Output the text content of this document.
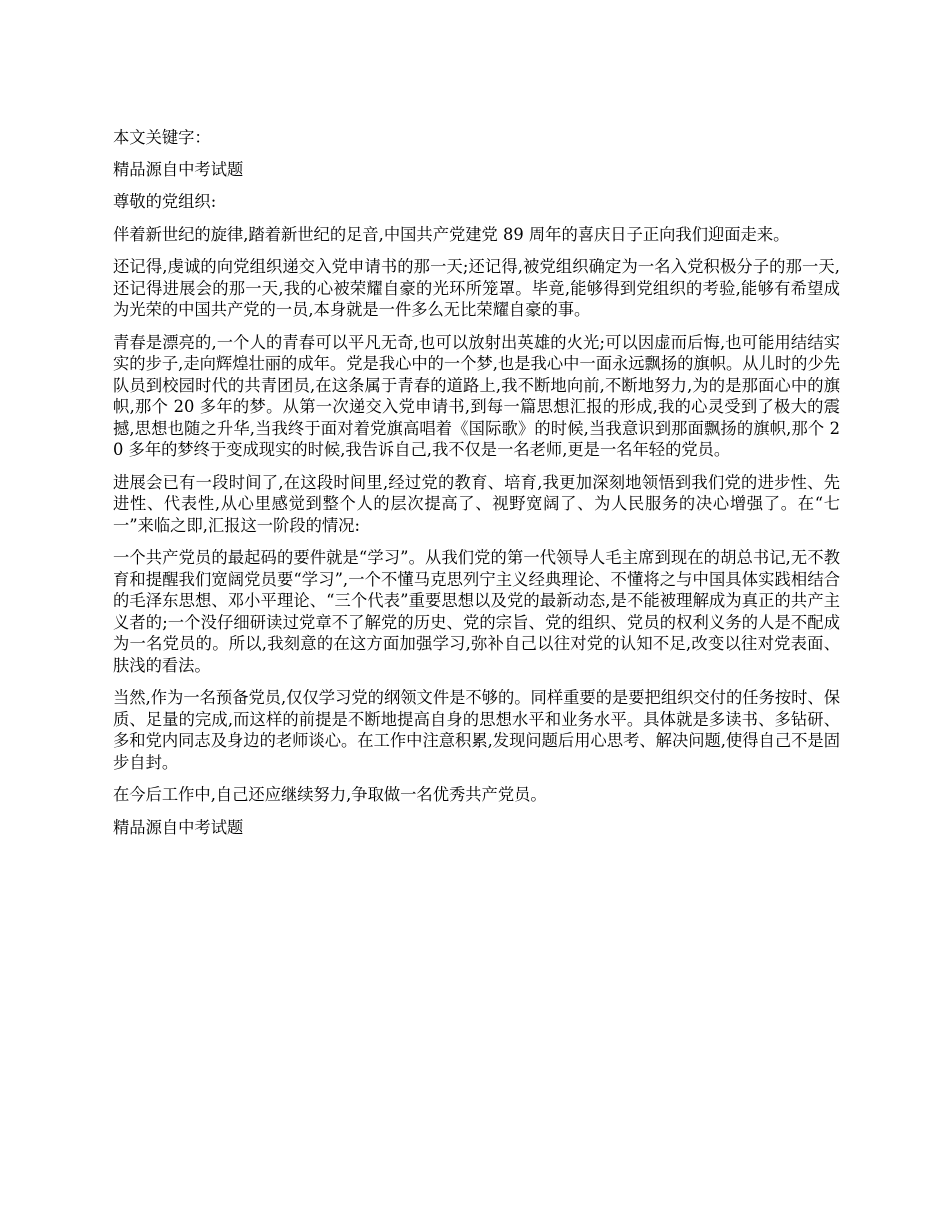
本文关键字：

精品源自中考试题

尊敬的党组织:

伴着新世纪的旋律,踏着新世纪的足音,中国共产党建党 89 周年的喜庆日子正向我们迎面走来。

还记得,虔诚的向党组织递交入党申请书的那一天;还记得,被党组织确定为一名入党积极分子的那一天,还记得进展会的那一天,我的心被荣耀自豪的光环所笼罩。毕竟,能够得到党组织的考验,能够有希望成为光荣的中国共产党的一员,本身就是一件多么无比荣耀自豪的事。

青春是漂亮的,一个人的青春可以平凡无奇,也可以放射出英雄的火光;可以因虚而后悔,也可能用结结实实的步子,走向辉煌壮丽的成年。党是我心中的一个梦,也是我心中一面永远飘扬的旗帜。从儿时的少先队员到校园时代的共青团员,在这条属于青春的道路上,我不断地向前,不断地努力,为的是那面心中的旗帜,那个 20 多年的梦。从第一次递交入党申请书,到每一篇思想汇报的形成,我的心灵受到了极大的震撼,思想也随之升华,当我终于面对着党旗高唱着《国际歌》的时候,当我意识到那面飘扬的旗帜,那个 20 多年的梦终于变成现实的时候,我告诉自己,我不仅是一名老师,更是一名年轻的党员。

进展会已有一段时间了,在这段时间里,经过党的教育、培育,我更加深刻地领悟到我们党的进步性、先进性、代表性,从心里感觉到整个人的层次提高了、视野宽阔了、为人民服务的决心增强了。在“七一”来临之即,汇报这一阶段的情况:

一个共产党员的最起码的要件就是“学习”。从我们党的第一代领导人毛主席到现在的胡总书记,无不教育和提醒我们宽阔党员要“学习”,一个不懂马克思列宁主义经典理论、不懂将之与中国具体实践相结合的毛泽东思想、邓小平理论、“三个代表”重要思想以及党的最新动态,是不能被理解成为真正的共产主义者的;一个没仔细研读过党章不了解党的历史、党的宗旨、党的组织、党员的权利义务的人是不配成为一名党员的。所以,我刻意的在这方面加强学习,弥补自己以往对党的认知不足,改变以往对党表面、肤浅的看法。

当然,作为一名预备党员,仅仅学习党的纲领文件是不够的。同样重要的是要把组织交付的任务按时、保质、足量的完成,而这样的前提是不断地提高自身的思想水平和业务水平。具体就是多读书、多钻研、多和党内同志及身边的老师谈心。在工作中注意积累,发现问题后用心思考、解决问题,使得自己不是固步自封。

在今后工作中,自己还应继续努力,争取做一名优秀共产党员。

精品源自中考试题
